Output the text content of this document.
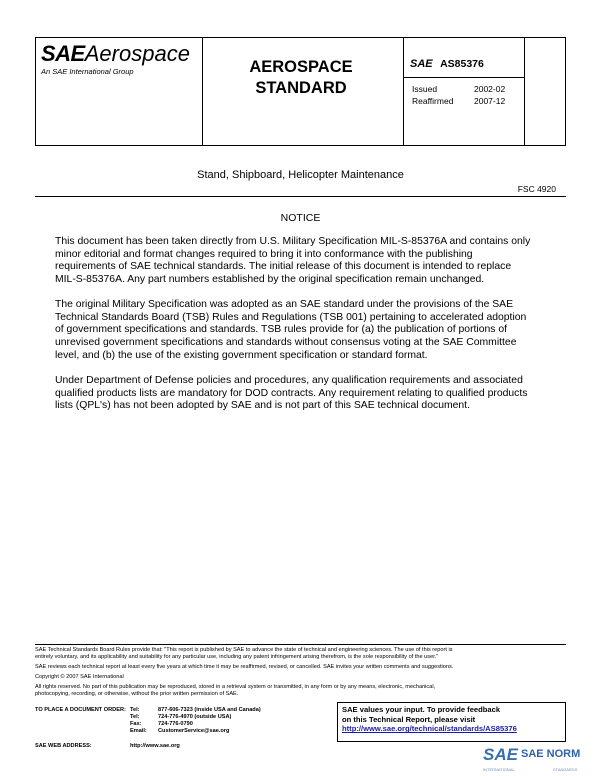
SAEAerospace
An SAE International Group	AEROSPACE
STANDARD
SAE AS85376
Issued	2002-02
Reaffirmed 2007-12
Stand, Shipboard, Helicopter Maintenance
FSC 4920
NOTICE
This document has been taken directly from U.S. Military Specification MIL-S-85376A and contains only
minor editorial and format changes required to bring it into conformance with the publishing
requirements of SAE technical standards. The initial release of this document is intended to replace
MIL-S-85376A. Any part numbers established by the original specification remain unchanged.
The original Military Specification was adopted as an SAE standard under the provisions of the SAE
Technical Standards Board (TSB) Rules and Regulations (TSB 001) pertaining to accelerated adoption
of government specifications and standards. TSB rules provide for (a) the publication of portions of
unrevised government specifications and standards without consensus voting at the SAE Committee
level, and (b) the use of the existing government specification or standard format.
Under Department of Defense policies and procedures, any qualification requirements and associated
qualified products lists are mandatory for DOD contracts. Any requirement relating to qualified products
lists (QPL's) has not been adopted by SAE and is not part of this SAE technical document.
SAE Technical Standards Board Rules provide that: "This report is published by SAE to advance the state of technical and engineering sciences. The use of this report is
entirely voluntary, and its applicability and suitability for any particular use, including any patent infringement arising therefrom, is the sole responsibility of the user."
SAE reviews each technical report at least every five years at which time it may be reaffirmed, revised, or cancelled. SAE invites your written comments and suggestions.
Copyright © 2007 SAE International
All rights reserved. No part of this publication may be reproduced, stored in a retrieval system or transmitted, in any form or by any means, electronic, mechanical,
photocopying, recording, or otherwise, without the prior written permission of SAE.
TO PLACE A DOCUMENT ORDER: Tel:	877-606-7323 (inside USA and Canada)
Tel:	724-776-4970 (outside USA)
Fax:	724-776-0790
Email: CustomerService@sae.org
SAE WEB ADDRESS:	http://www.sae.org
SAE values your input. To provide feedback
on this Technical Report, please visit
http://www.sae.org/technical/standards/AS85376
SAE SAE NORM
INTERNATIONAL	STANDARDS
